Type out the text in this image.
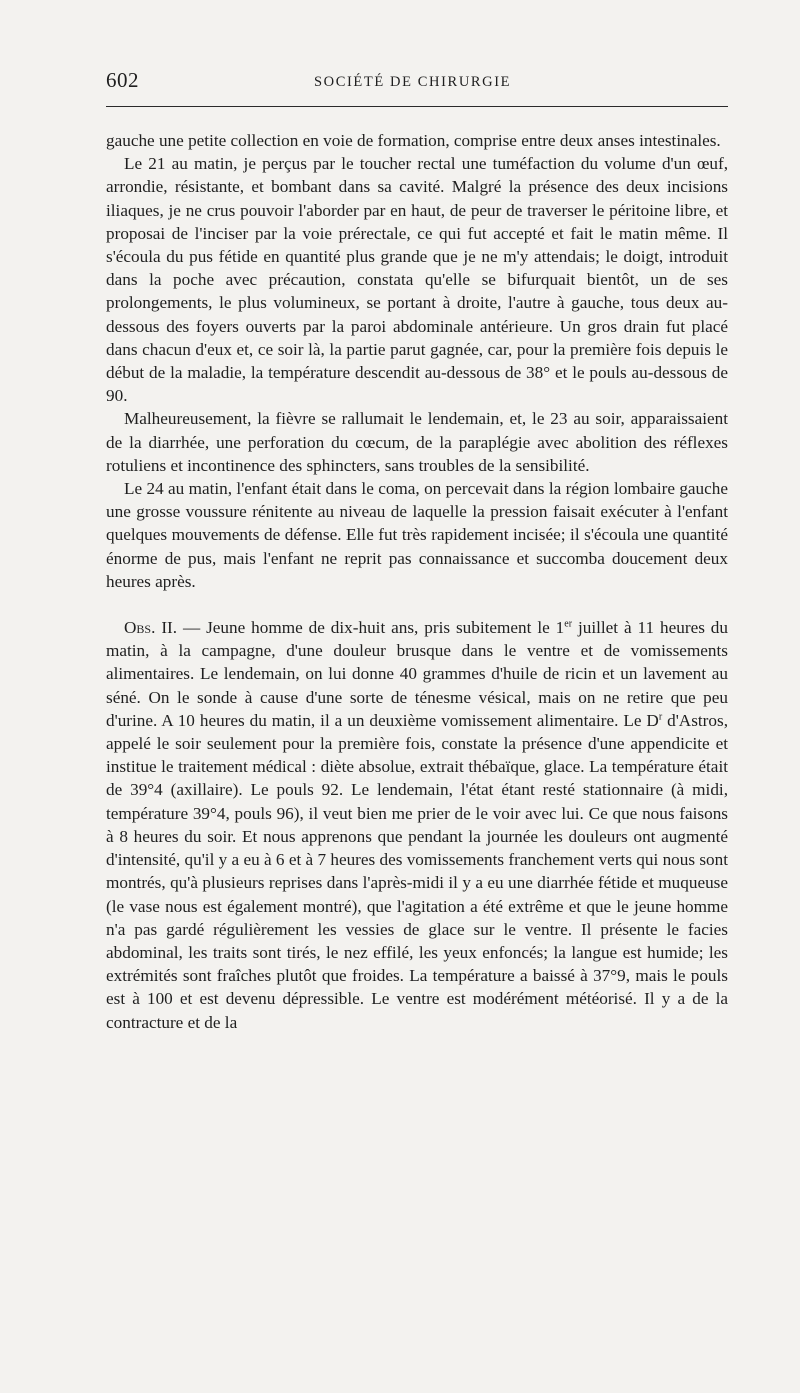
602	SOCIÉTÉ DE CHIRURGIE

gauche une petite collection en voie de formation, comprise entre deux anses intestinales.

Le 21 au matin, je perçus par le toucher rectal une tuméfaction du volume d'un œuf, arrondie, résistante, et bombant dans sa cavité. Malgré la présence des deux incisions iliaques, je ne crus pouvoir l'aborder par en haut, de peur de traverser le péritoine libre, et proposai de l'inciser par la voie prérectale, ce qui fut accepté et fait le matin même. Il s'écoula du pus fétide en quantité plus grande que je ne m'y attendais; le doigt, introduit dans la poche avec précaution, constata qu'elle se bifurquait bientôt, un de ses prolongements, le plus volumineux, se portant à droite, l'autre à gauche, tous deux au-dessous des foyers ouverts par la paroi abdominale antérieure. Un gros drain fut placé dans chacun d'eux et, ce soir là, la partie parut gagnée, car, pour la première fois depuis le début de la maladie, la température descendit au-dessous de 38° et le pouls au-dessous de 90.

Malheureusement, la fièvre se rallumait le lendemain, et, le 23 au soir, apparaissaient de la diarrhée, une perforation du cœcum, de la paraplégie avec abolition des réflexes rotuliens et incontinence des sphincters, sans troubles de la sensibilité.

Le 24 au matin, l'enfant était dans le coma, on percevait dans la région lombaire gauche une grosse voussure rénitente au niveau de laquelle la pression faisait exécuter à l'enfant quelques mouvements de défense. Elle fut très rapidement incisée; il s'écoula une quantité énorme de pus, mais l'enfant ne reprit pas connaissance et succomba doucement deux heures après.

Obs. II. — Jeune homme de dix-huit ans, pris subitement le 1er juillet à 11 heures du matin, à la campagne, d'une douleur brusque dans le ventre et de vomissements alimentaires. Le lendemain, on lui donne 40 grammes d'huile de ricin et un lavement au séné. On le sonde à cause d'une sorte de ténesme vésical, mais on ne retire que peu d'urine. A 10 heures du matin, il a un deuxième vomissement alimentaire. Le $D^r$ d'Astros, appelé le soir seulement pour la première fois, constate la présence d'une appendicite et institue le traitement médical : diète absolue, extrait thébaïque, glace. La température était de 39°4 (axillaire). Le pouls 92. Le lendemain, l'état étant resté stationnaire (à midi, température 39°4, pouls 96), il veut bien me prier de le voir avec lui. Ce que nous faisons à 8 heures du soir. Et nous apprenons que pendant la journée les douleurs ont augmenté d'intensité, qu'il y a eu à 6 et à 7 heures des vomissements franchement verts qui nous sont montrés, qu'à plusieurs reprises dans l'après-midi il y a eu une diarrhée fétide et muqueuse (le vase nous est également montré), que l'agitation a été extrême et que le jeune homme n'a pas gardé régulièrement les vessies de glace sur le ventre. Il présente le facies abdominal, les traits sont tirés, le nez effilé, les yeux enfoncés; la langue est humide; les extrémités sont fraîches plutôt que froides. La température a baissé à 37°9, mais le pouls est à 100 et est devenu dépressible. Le ventre est modérément météorisé. Il y a de la contracture et de la
